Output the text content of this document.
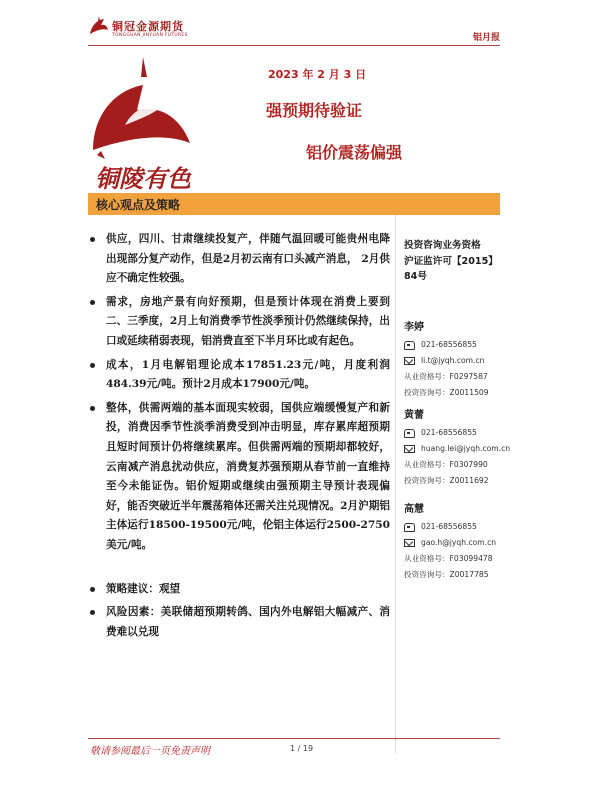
铜冠金源期货
TONGGUAN JINYUAN FUTURES	铝月报
铜陵有色
2023 年 2 月 3 日
强预期待验证
铝价震荡偏强
核心观点及策略
供应，四川、甘肃继续投复产，伴随气温回暖可能贵州电降出现部分复产动作，但是2月初云南有口头减产消息， 2月供应不确定性较强。
需求，房地产景有向好预期，但是预计体现在消费上要到二、三季度，2月上旬消费季节性淡季预计仍然继续保持，出口或延续稍弱表现，铝消费直至下半月环比或有起色。
成本，1月电解铝理论成本17851.23元/吨，月度利润484.39元/吨。预计2月成本17900元/吨。
整体，供需两端的基本面现实较弱，国供应端缓慢复产和新投，消费因季节性淡季消费受到冲击明显，库存累库超预期且短时间预计仍将继续累库。但供需两端的预期却都较好，云南减产消息扰动供应，消费复苏强预期从春节前一直维持至今未能证伪。铝价短期或继续由强预期主导预计表现偏好，能否突破近半年震荡箱体还需关注兑现情况。2月沪期铝主体运行18500-19500元/吨，伦铝主体运行2500-2750美元/吨。
策略建议：观望
风险因素：美联储超预期转鸽、国内外电解铝大幅减产、消费难以兑现
投资咨询业务资格
沪证监许可【2015】84号
李婷
021-68556855
li.t@jyqh.com.cn
从业资格号：F0297587
投资咨询号：Z0011509
黄蕾
021-68556855
huang.lei@jyqh.com.cn
从业资格号：F0307990
投资咨询号：Z0011692
高慧
021-68556855
gao.h@jyqh.com.cn
从业资格号：F03099478
投资咨询号：Z0017785
敬请参阅最后一页免责声明	1 / 19
